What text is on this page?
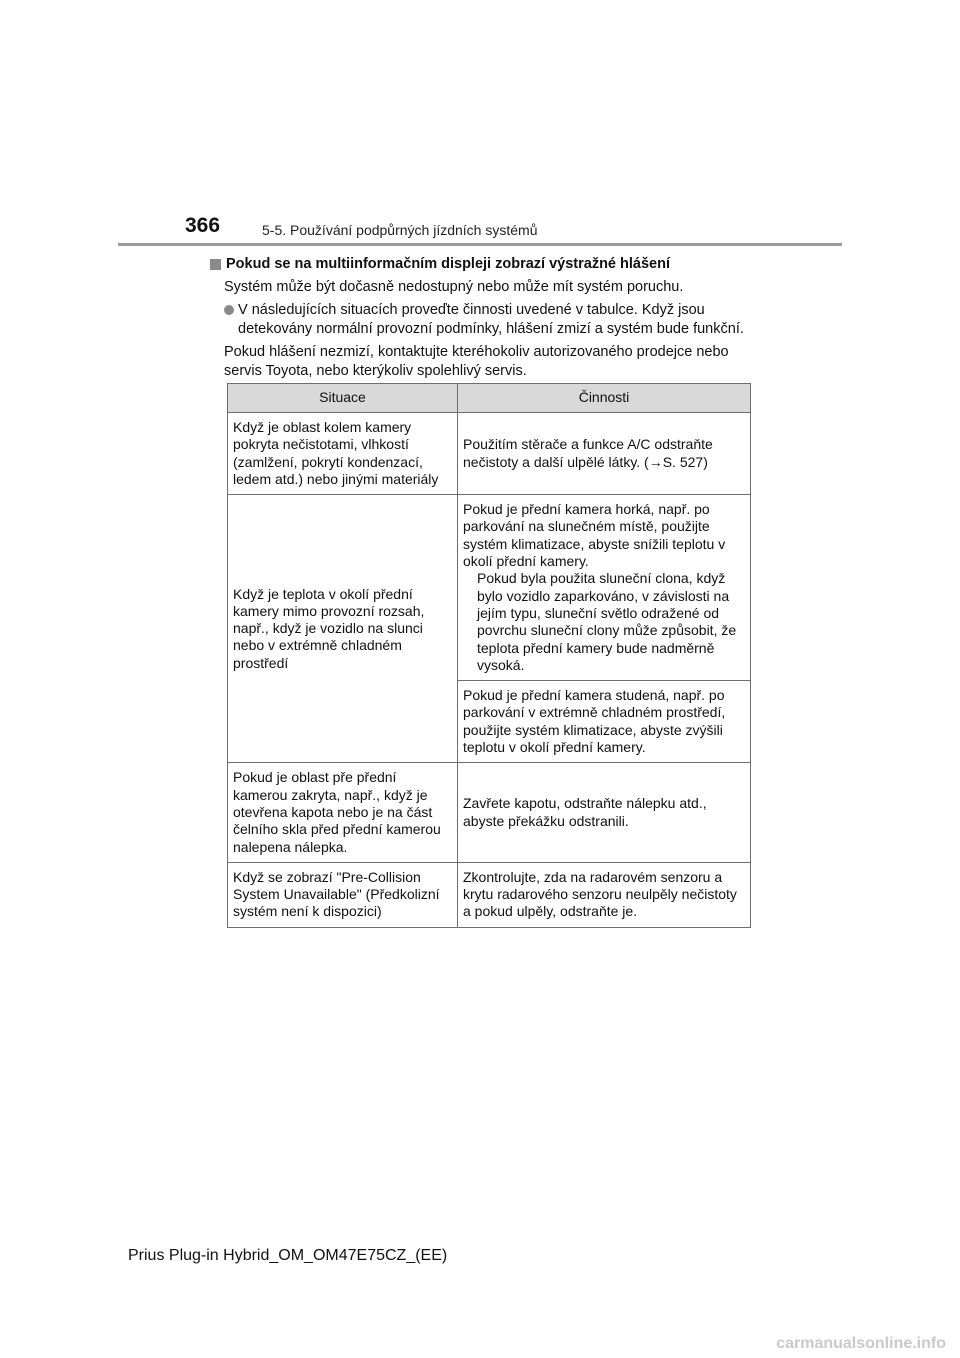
366	5-5. Používání podpůrných jízdních systémů
Pokud se na multiinformačním displeji zobrazí výstražné hlášení

Systém může být dočasně nedostupný nebo může mít systém poruchu.

V následujících situacích proveďte činnosti uvedené v tabulce. Když jsou detekovány normální provozní podmínky, hlášení zmizí a systém bude funkční.

Pokud hlášení nezmizí, kontaktujte kteréhokoliv autorizovaného prodejce nebo servis Toyota, nebo kterýkoliv spolehlivý servis.

Situace	Činnosti
Když je oblast kolem kamery pokryta nečistotami, vlhkostí (zamlžení, pokrytí kondenzací, ledem atd.) nebo jinými materiály	Použitím stěrače a funkce A/C odstraňte nečistoty a další ulpělé látky. (→S. 527)
Když je teplota v okolí přední kamery mimo provozní rozsah, např., když je vozidlo na slunci nebo v extrémně chladném prostředí	Pokud je přední kamera horká, např. po parkování na slunečném místě, použijte systém klimatizace, abyste snížili teplotu v okolí přední kamery.
Pokud byla použita sluneční clona, když bylo vozidlo zaparkováno, v závislosti na jejím typu, sluneční světlo odražené od povrchu sluneční clony může způsobit, že teplota přední kamery bude nadměrně vysoká.

	Pokud je přední kamera studená, např. po parkování v extrémně chladném prostředí, použijte systém klimatizace, abyste zvýšili teplotu v okolí přední kamery.
Pokud je oblast pře přední kamerou zakryta, např., když je otevřena kapota nebo je na část čelního skla před přední kamerou nalepena nálepka.	Zavřete kapotu, odstraňte nálepku atd., abyste překážku odstranili.
Když se zobrazí "Pre-Collision System Unavailable" (Předkolizní systém není k dispozici)	Zkontrolujte, zda na radarovém senzoru a krytu radarového senzoru neulpěly nečistoty a pokud ulpěly, odstraňte je.
Prius Plug-in Hybrid_OM_OM47E75CZ_(EE)
carmanualsonline.info
